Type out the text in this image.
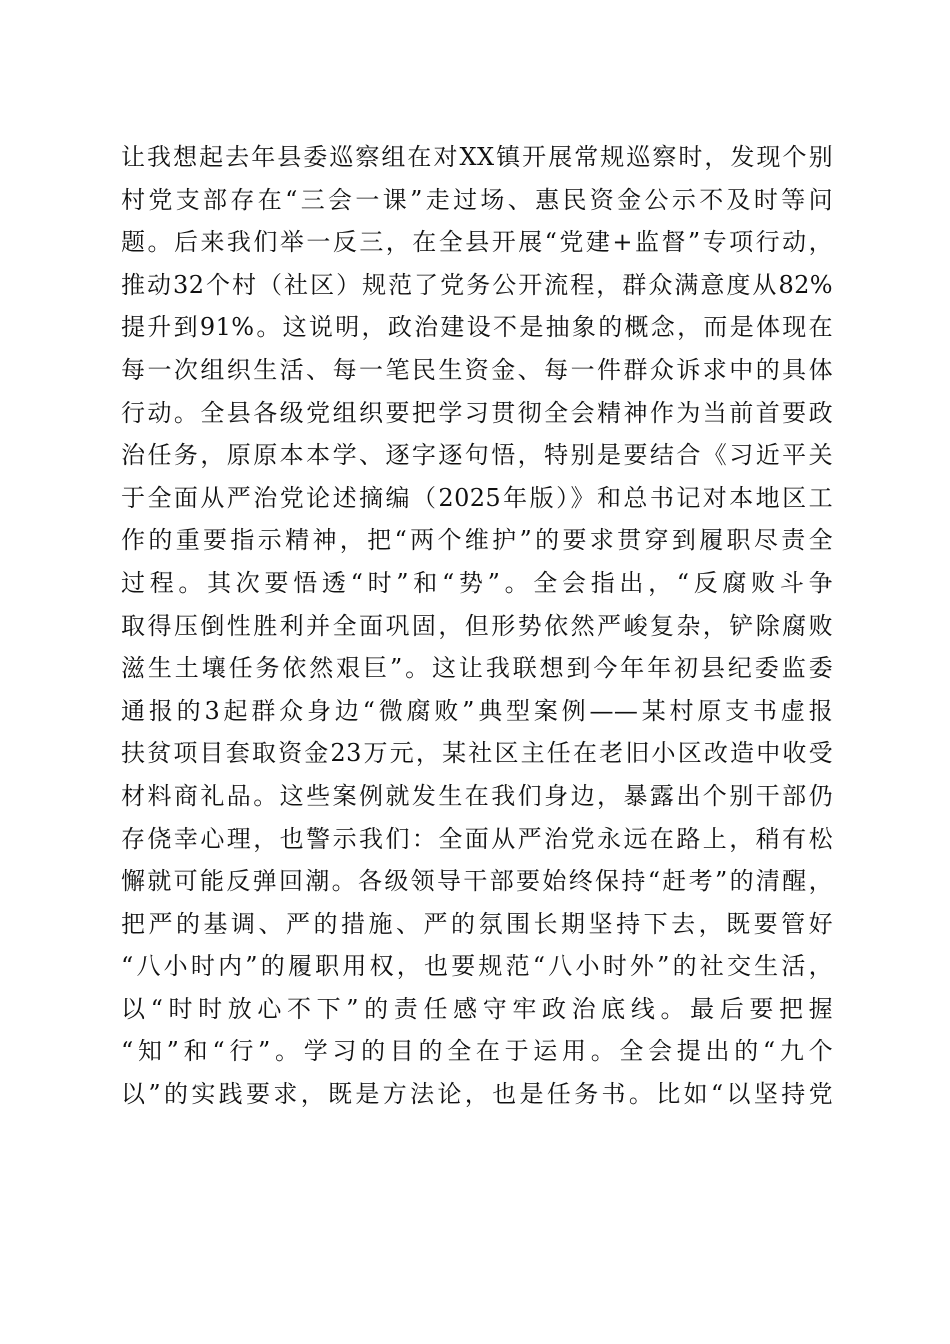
让我想起去年县委巡察组在对XX镇开展常规巡察时，发现个别
村党支部存在“三会一课”走过场、惠民资金公示不及时等问
题。后来我们举一反三，在全县开展“党建+监督”专项行动，
推动32个村（社区）规范了党务公开流程，群众满意度从82%
提升到91%。这说明，政治建设不是抽象的概念，而是体现在
每一次组织生活、每一笔民生资金、每一件群众诉求中的具体
行动。全县各级党组织要把学习贯彻全会精神作为当前首要政
治任务，原原本本学、逐字逐句悟，特别是要结合《习近平关
于全面从严治党论述摘编（2025年版）》和总书记对本地区工
作的重要指示精神，把“两个维护”的要求贯穿到履职尽责全
过程。其次要悟透“时”和“势”。全会指出，“反腐败斗争
取得压倒性胜利并全面巩固，但形势依然严峻复杂，铲除腐败
滋生土壤任务依然艰巨”。这让我联想到今年年初县纪委监委
通报的3起群众身边“微腐败”典型案例——某村原支书虚报
扶贫项目套取资金23万元，某社区主任在老旧小区改造中收受
材料商礼品。这些案例就发生在我们身边，暴露出个别干部仍
存侥幸心理，也警示我们：全面从严治党永远在路上，稍有松
懈就可能反弹回潮。各级领导干部要始终保持“赶考”的清醒，
把严的基调、严的措施、严的氛围长期坚持下去，既要管好
“八小时内”的履职用权，也要规范“八小时外”的社交生活，
以“时时放心不下”的责任感守牢政治底线。最后要把握
“知”和“行”。学习的目的全在于运用。全会提出的“九个
以”的实践要求，既是方法论，也是任务书。比如“以坚持党
